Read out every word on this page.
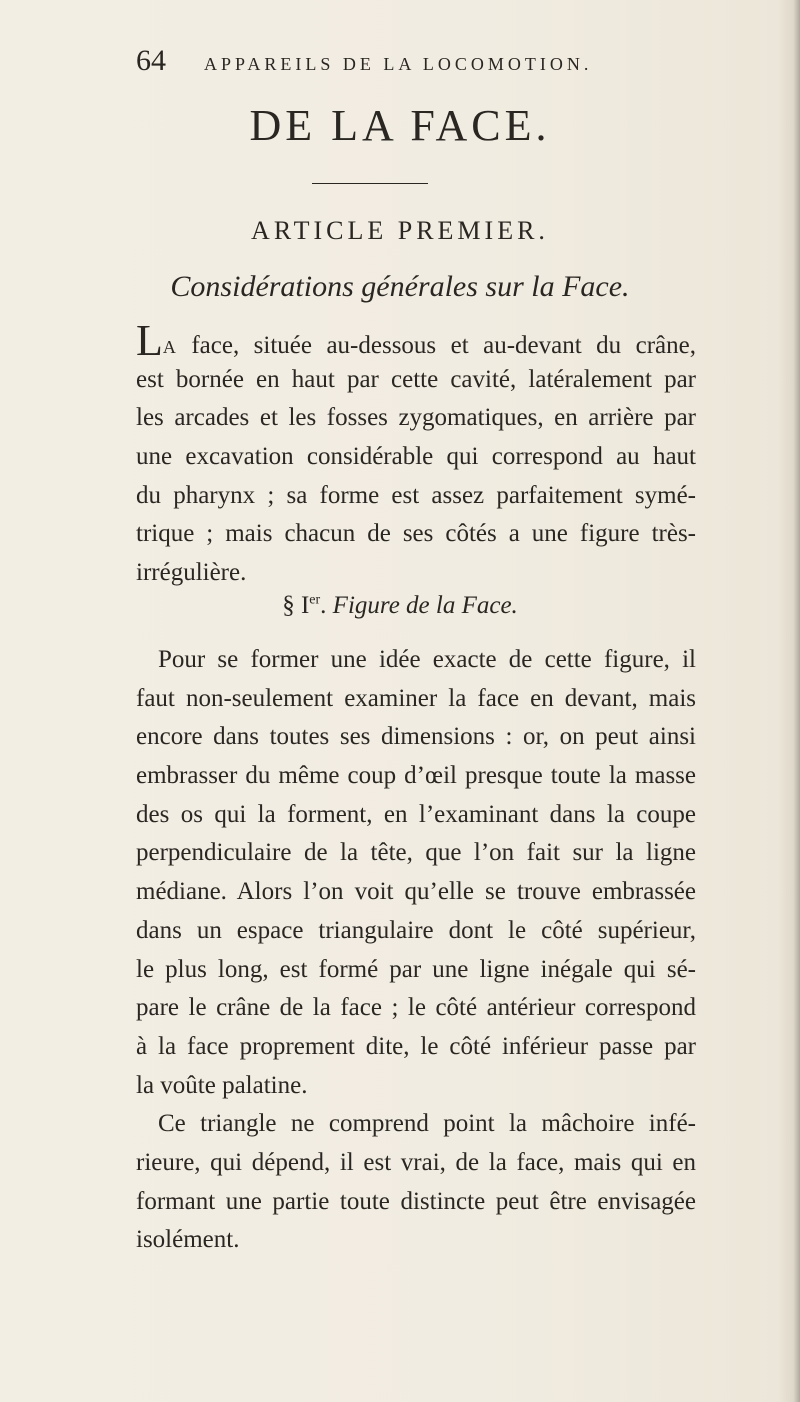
64 APPAREILS DE LA LOCOMOTION.
DE LA FACE.
ARTICLE PREMIER.
Considérations générales sur la Face.
LA face, située au-dessous et au-devant du crâne,
est bornée en haut par cette cavité, latéralement par
les arcades et les fosses zygomatiques, en arrière par
une excavation considérable qui correspond au haut
du pharynx ; sa forme est assez parfaitement symé-
trique ; mais chacun de ses côtés a une figure très-
irrégulière.
§ Ier. Figure de la Face.
Pour se former une idée exacte de cette figure, il
faut non-seulement examiner la face en devant, mais
encore dans toutes ses dimensions : or, on peut ainsi
embrasser du même coup d’œil presque toute la masse
des os qui la forment, en l’examinant dans la coupe
perpendiculaire de la tête, que l’on fait sur la ligne
médiane. Alors l’on voit qu’elle se trouve embrassée
dans un espace triangulaire dont le côté supérieur,
le plus long, est formé par une ligne inégale qui sé-
pare le crâne de la face ; le côté antérieur correspond
à la face proprement dite, le côté inférieur passe par
la voûte palatine.
Ce triangle ne comprend point la mâchoire infé-
rieure, qui dépend, il est vrai, de la face, mais qui en
formant une partie toute distincte peut être envisagée
isolément.
